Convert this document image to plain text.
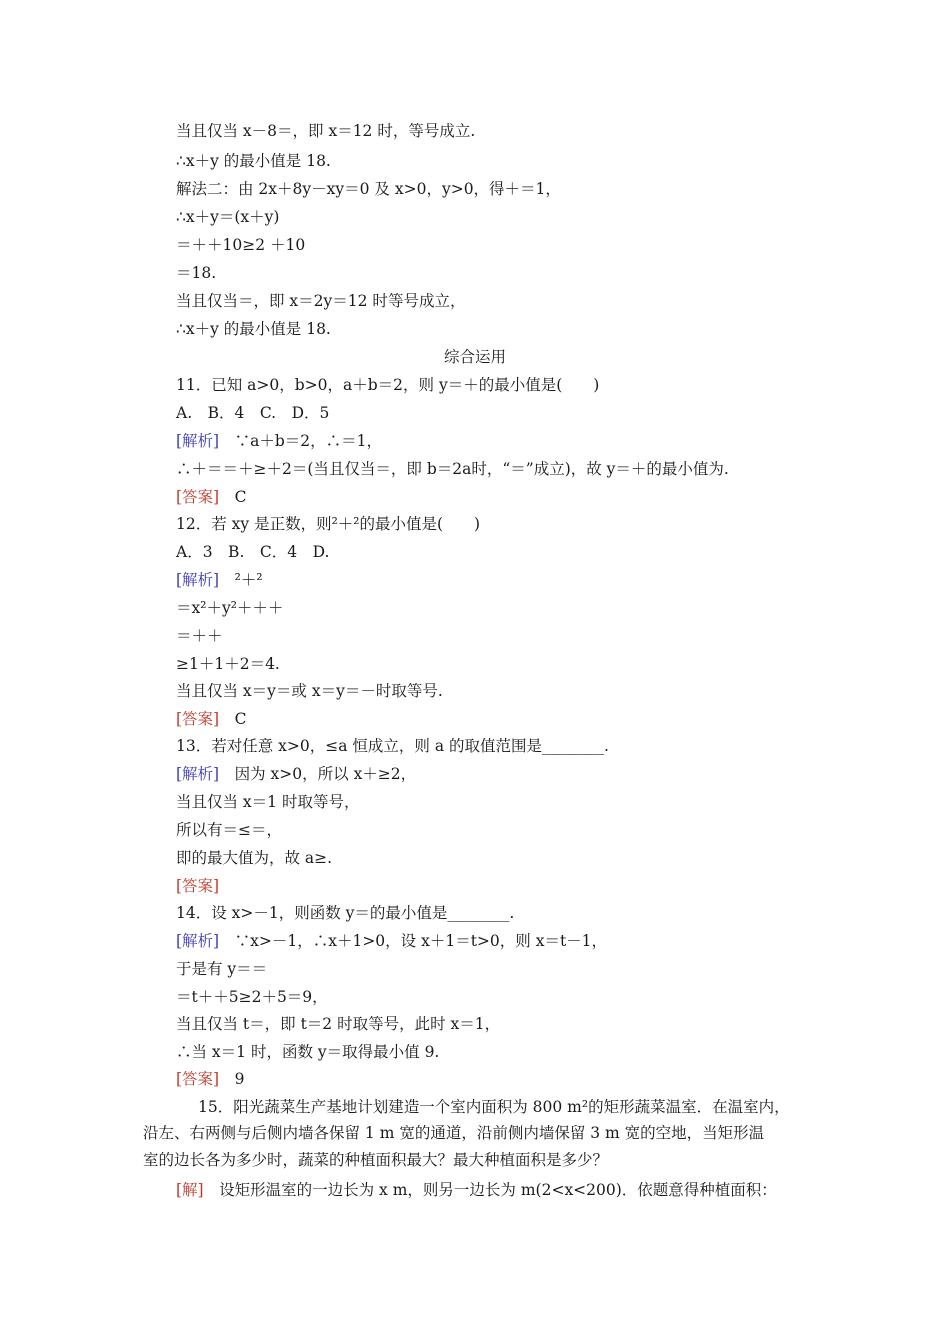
当且仅当 x－8＝，即 x＝12 时，等号成立.
∴x＋y 的最小值是 18.
解法二：由 2x＋8y－xy＝0 及 x>0，y>0，得＋＝1，
∴x＋y＝(x＋y)
＝＋＋10≥2 ＋10
＝18.
当且仅当＝，即 x＝2y＝12 时等号成立，
∴x＋y 的最小值是 18.
综合运用
11．已知 a>0，b>0，a＋b＝2，则 y＝＋的最小值是(　　)
A.　B．4　C.　D．5
[解析]　 ∵a＋b＝2，∴＝1，
∴＋＝＝＋≥＋2＝(当且仅当＝，即 b＝2a时，“＝”成立)，故 y＝＋的最小值为.
[答案]　 C
12．若 xy 是正数，则²＋²的最小值是(　　)
A．3　B.　C．4　D.
[解析]　 ²＋²
＝x²＋y²＋＋＋
＝＋＋
≥1＋1＋2＝4.
当且仅当 x＝y＝或 x＝y＝－时取等号.
[答案]　 C
13．若对任意 x>0，≤a 恒成立，则 a 的取值范围是________.
[解析]　 因为 x>0，所以 x＋≥2，
当且仅当 x＝1 时取等号，
所以有＝≤＝，
即的最大值为，故 a≥.
[答案]
14．设 x>－1，则函数 y＝的最小值是________.
[解析]　 ∵x>－1，∴x＋1>0，设 x＋1＝t>0，则 x＝t－1，
于是有 y＝＝
＝t＋＋5≥2＋5＝9，
当且仅当 t＝，即 t＝2 时取等号，此时 x＝1，
∴当 x＝1 时，函数 y＝取得最小值 9.
[答案]　 9
15．阳光蔬菜生产基地计划建造一个室内面积为 800 m²的矩形蔬菜温室．在温室内，
沿左、右两侧与后侧内墙各保留 1 m 宽的通道，沿前侧内墙保留 3 m 宽的空地，当矩形温
室的边长各为多少时，蔬菜的种植面积最大？最大种植面积是多少？
[解]　 设矩形温室的一边长为 x m，则另一边长为 m(2<x<200)．依题意得种植面积：
